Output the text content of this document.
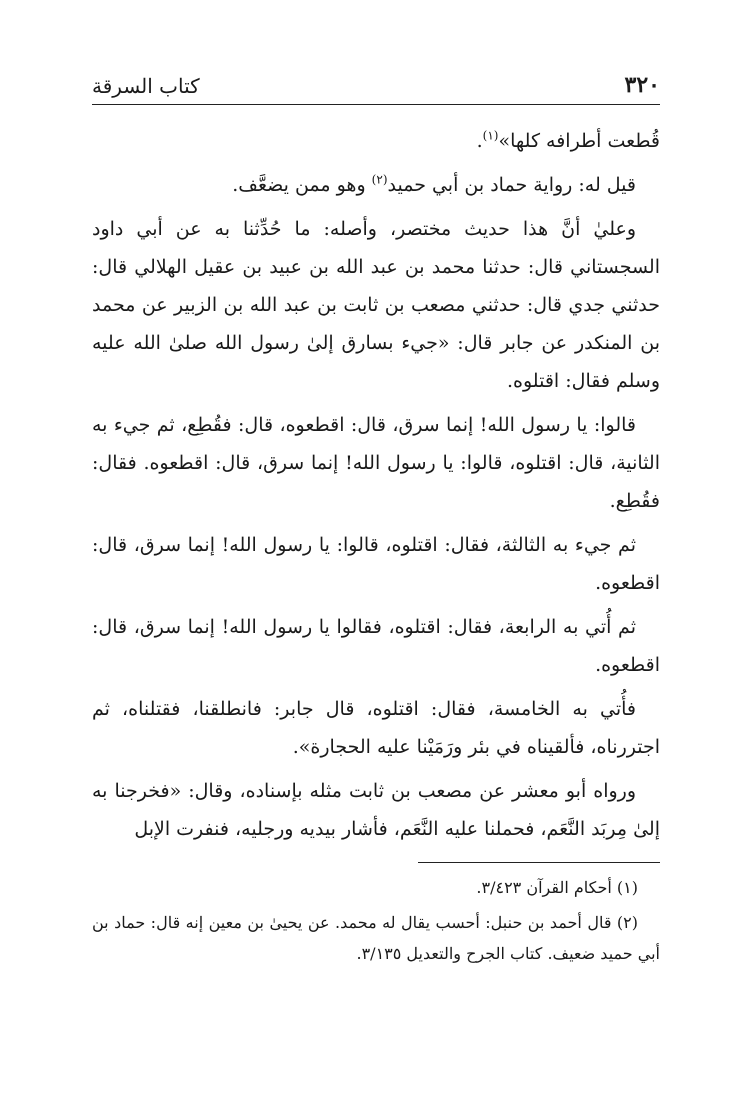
٣٢٠
كتاب السرقة

قُطعت أطرافه كلها»$^{(١)}$.

قيل له: رواية حماد بن أبي حميد$^{(٢)}$ وهو ممن يضعَّف.

وعليٰ أنَّ هذا حديث مختصر، وأصله: ما حُدِّثنا به عن أبي داود السجستاني قال: حدثنا محمد بن عبد الله بن عبيد بن عقيل الهلالي قال: حدثني جدي قال: حدثني مصعب بن ثابت بن عبد الله بن الزبير عن محمد بن المنكدر عن جابر قال: «جيء بسارق إلىٰ رسول الله صلىٰ الله عليه وسلم فقال: اقتلوه.

قالوا: يا رسول الله! إنما سرق، قال: اقطعوه، قال: فقُطِع، ثم جيء به الثانية، قال: اقتلوه، قالوا: يا رسول الله! إنما سرق، قال: اقطعوه. فقال: فقُطِع.

ثم جيء به الثالثة، فقال: اقتلوه، قالوا: يا رسول الله! إنما سرق، قال: اقطعوه.

ثم أُتي به الرابعة، فقال: اقتلوه، فقالوا يا رسول الله! إنما سرق، قال: اقطعوه.

فأُتي به الخامسة، فقال: اقتلوه، قال جابر: فانطلقنا، فقتلناه، ثم اجتررناه، فألقيناه في بئر ورَمَيْنا عليه الحجارة».

ورواه أبو معشر عن مصعب بن ثابت مثله بإسناده، وقال: «فخرجنا به إلىٰ مِربَد النَّعَم، فحملنا عليه النَّعَم، فأشار بيديه ورجليه، فنفرت الإبل

(١) أحكام القرآن ٣/٤٢٣.

(٢) قال أحمد بن حنبل: أحسب يقال له محمد. عن يحيىٰ بن معين إنه قال: حماد بن أبي حميد ضعيف. كتاب الجرح والتعديل ٣/١٣٥.
